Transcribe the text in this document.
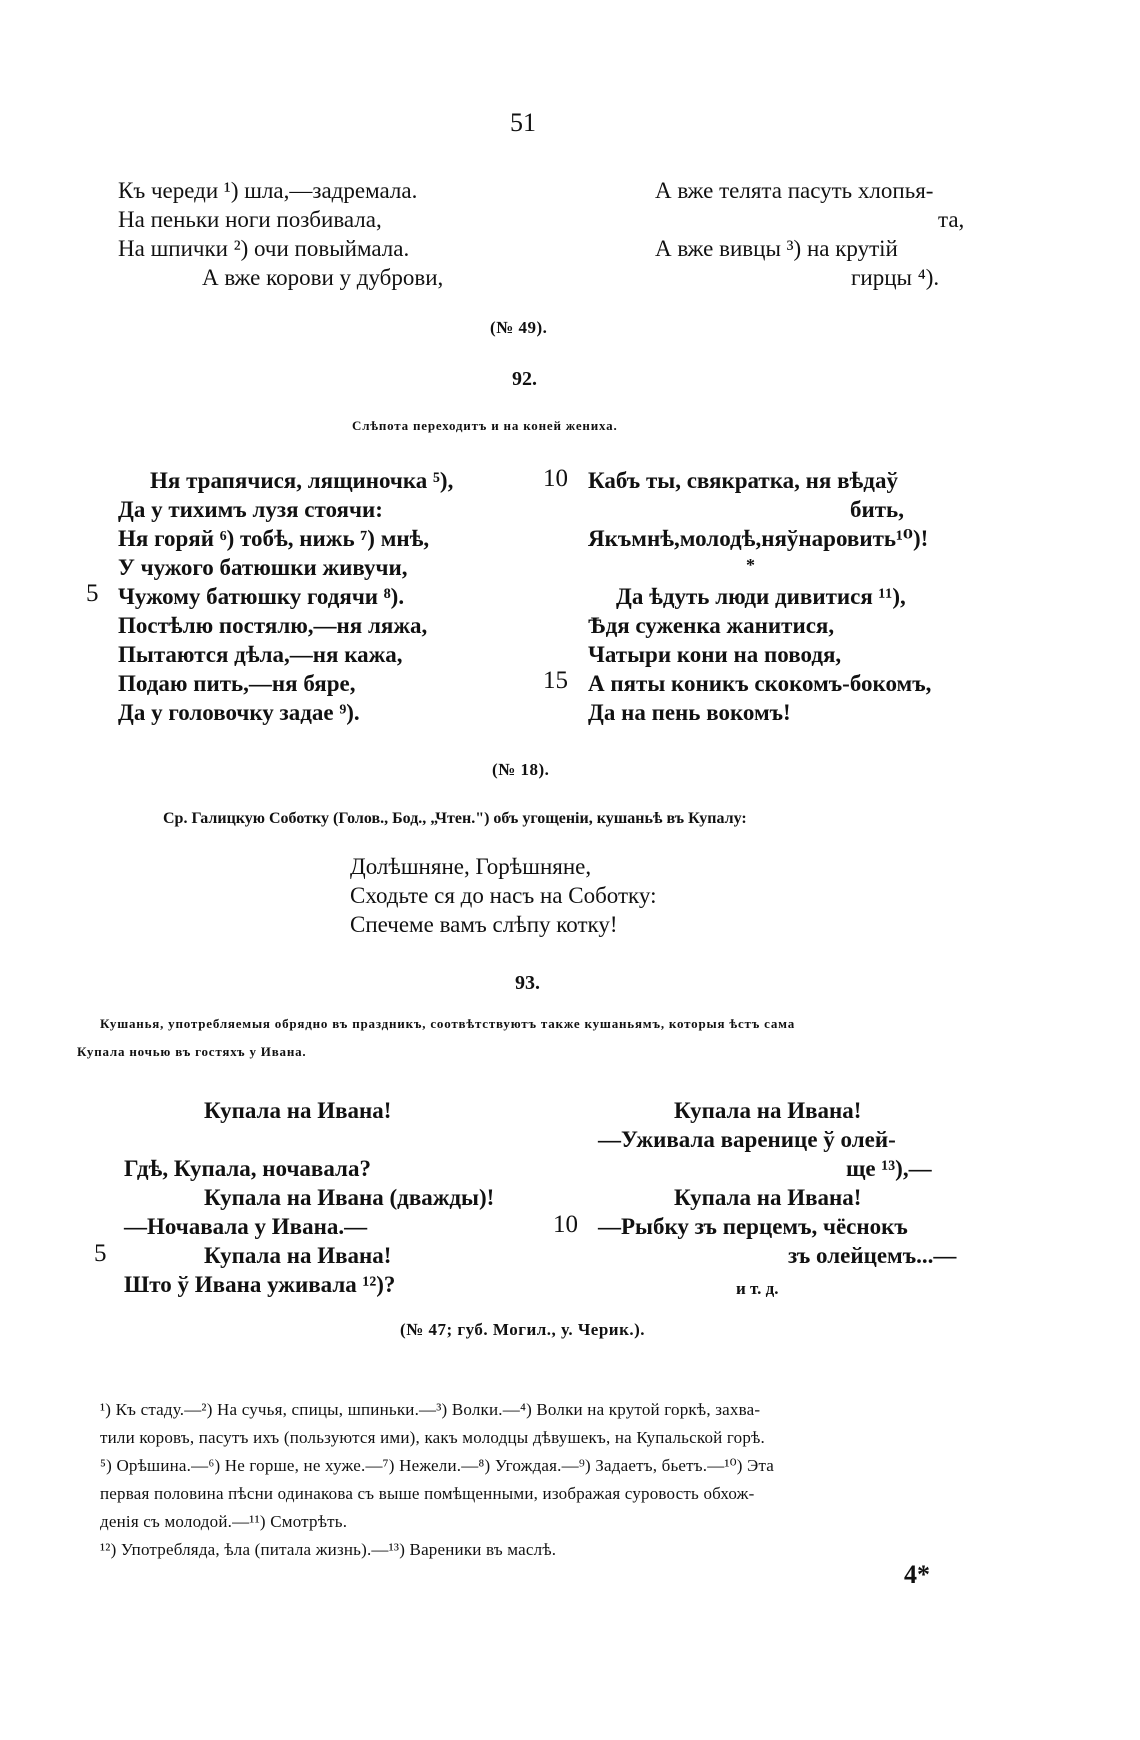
51
Къ череди ¹) шла,—задремала.
На пеньки ноги позбивала,
На шпички ²) очи повыймала.
А вже корови у дуброви,
А вже телята пасуть хлопья-
та,
А вже вивцы ³) на крутій
гирцы ⁴).
(№ 49).
92.
Слѣпота переходитъ и на коней жениха.
Ня трапячися, лящиночка ⁵),
Да у тихимъ лузя стоячи:
Ня горяй ⁶) тобѣ, нижь ⁷) мнѣ,
У чужого батюшки живучи,
Чужому батюшку годячи ⁸).
Постѣлю постялю,—ня ляжа,
Пытаются дѣла,—ня кажа,
Подаю пить,—ня бяре,
Да у головочку задае ⁹).
5
10
15
Кабъ ты, свякратка, ня вѣдаў
бить,
Якъмнѣ,молодѣ,няўнаровить¹⁰)!
*
Да ѣдуть люди дивитися ¹¹),
Ѣдя суженка жанитися,
Чатыри кони на поводя,
А пяты коникъ скокомъ-бокомъ,
Да на пень вокомъ!
(№ 18).
Ср. Галицкую Соботку (Голов., Бод., „Чтен.") объ угощеніи, кушаньѣ въ Купалу:
Долѣшняне, Горѣшняне,
Сходьте ся до насъ на Соботку:
Спечеме вамъ слѣпу котку!
93.
Кушанья, употребляемыя обрядно въ праздникъ, соотвѣтствуютъ также кушаньямъ, которыя ѣстъ сама
Купала ночью въ гостяхъ у Ивана.
Купала на Ивана!
Гдѣ, Купала, ночавала?
Купала на Ивана (дважды)!
—Ночавала у Ивана.—
Купала на Ивана!
Што ў Ивана уживала ¹²)?
5
10
Купала на Ивана!
—Уживала варенице ў олей-
ще ¹³),—
Купала на Ивана!
—Рыбку зъ перцемъ, чёснокъ
зъ олейцемъ...—
и т. д.
(№ 47; губ. Могил., у. Черик.).
¹) Къ стаду.—²) На сучья, спицы, шпиньки.—³) Волки.—⁴) Волки на крутой горкѣ, захва-
тили коровъ, пасутъ ихъ (пользуются ими), какъ молодцы дѣвушекъ, на Купальской горѣ.
⁵) Орѣшина.—⁶) Не горше, не хуже.—⁷) Нежели.—⁸) Угождая.—⁹) Задаетъ, бьетъ.—¹⁰) Эта
первая половина пѣсни одинакова съ выше помѣщенными, изображая суровость обхож-
денія съ молодой.—¹¹) Смотрѣть.
¹²) Употребляда, ѣла (питала жизнь).—¹³) Вареники въ маслѣ.
4*
